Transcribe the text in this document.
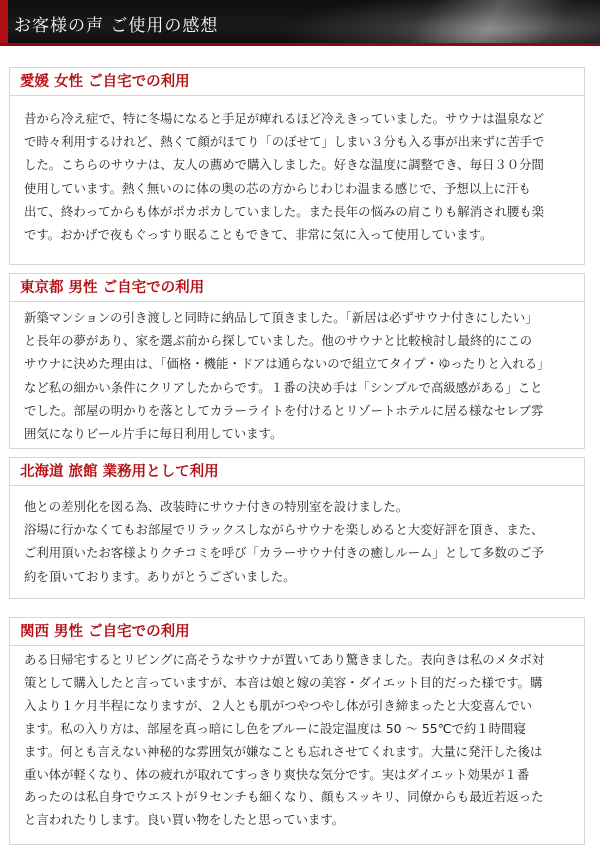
お客様の声 ご使用の感想
愛媛 女性 ご自宅での利用
昔から冷え症で、特に冬場になると手足が痺れるほど冷えきっていました。サウナは温泉など
で時々利用するけれど、熱くて顔がほてり「のぼせて」しまい３分も入る事が出来ずに苦手で
した。こちらのサウナは、友人の薦めで購入しました。好きな温度に調整でき、毎日３０分間
使用しています。熱く無いのに体の奥の芯の方からじわじわ温まる感じで、予想以上に汗も
出て、終わってからも体がポカポカしていました。また長年の悩みの肩こりも解消され腰も楽
です。おかげで夜もぐっすり眠ることもできて、非常に気に入って使用しています。
東京都 男性 ご自宅での利用
新築マンションの引き渡しと同時に納品して頂きました。「新居は必ずサウナ付きにしたい」
と長年の夢があり、家を選ぶ前から探していました。他のサウナと比較検討し最終的にこの
サウナに決めた理由は、「価格・機能・ドアは通らないので組立てタイプ・ゆったりと入れる」
など私の細かい条件にクリアしたからです。１番の決め手は「シンプルで高級感がある」こと
でした。部屋の明かりを落としてカラーライトを付けるとリゾートホテルに居る様なセレブ雰
囲気になりビール片手に毎日利用しています。
北海道 旅館 業務用として利用
他との差別化を図る為、改装時にサウナ付きの特別室を設けました。
浴場に行かなくてもお部屋でリラックスしながらサウナを楽しめると大変好評を頂き、また、
ご利用頂いたお客様よりクチコミを呼び「カラーサウナ付きの癒しルーム」として多数のご予
約を頂いております。ありがとうございました。
関西 男性 ご自宅での利用
ある日帰宅するとリビングに高そうなサウナが置いてあり驚きました。表向きは私のメタボ対
策として購入したと言っていますが、本音は娘と嫁の美容・ダイエット目的だった様です。購
入より１ケ月半程になりますが、２人とも肌がつやつやし体が引き締まったと大変喜んでい
ます。私の入り方は、部屋を真っ暗にし色をブルーに設定温度は 50 〜 55℃で約１時間寝
ます。何とも言えない神秘的な雰囲気が嫌なことも忘れさせてくれます。大量に発汗した後は
重い体が軽くなり、体の疲れが取れてすっきり爽快な気分です。実はダイエット効果が１番
あったのは私自身でウエストが９センチも細くなり、顔もスッキリ、同僚からも最近若返った
と言われたりします。良い買い物をしたと思っています。
